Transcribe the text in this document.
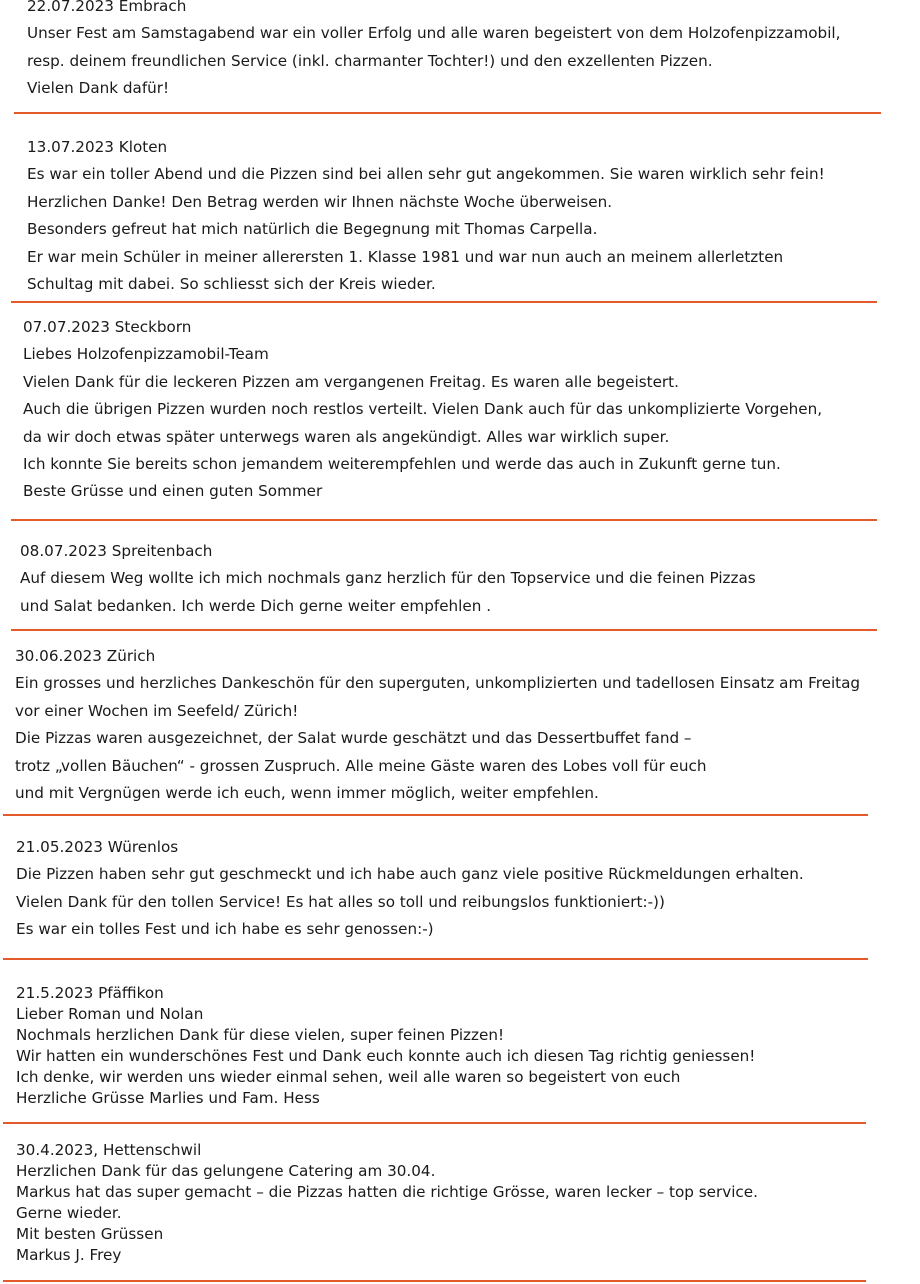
22.07.2023 Embrach
Unser Fest am Samstagabend war ein voller Erfolg und alle waren begeistert von dem Holzofenpizzamobil,
resp. deinem freundlichen Service (inkl. charmanter Tochter!) und den exzellenten Pizzen.
Vielen Dank dafür!
13.07.2023 Kloten
Es war ein toller Abend und die Pizzen sind bei allen sehr gut angekommen. Sie waren wirklich sehr fein!
Herzlichen Danke! Den Betrag werden wir Ihnen nächste Woche überweisen.
Besonders gefreut hat mich natürlich die Begegnung mit Thomas Carpella.
Er war mein Schüler in meiner allerersten 1. Klasse 1981 und war nun auch an meinem allerletzten
Schultag mit dabei. So schliesst sich der Kreis wieder.
07.07.2023 Steckborn
Liebes Holzofenpizzamobil-Team
Vielen Dank für die leckeren Pizzen am vergangenen Freitag. Es waren alle begeistert.
Auch die übrigen Pizzen wurden noch restlos verteilt. Vielen Dank auch für das unkomplizierte Vorgehen,
da wir doch etwas später unterwegs waren als angekündigt. Alles war wirklich super.
Ich konnte Sie bereits schon jemandem weiterempfehlen und werde das auch in Zukunft gerne tun.
Beste Grüsse und einen guten Sommer
08.07.2023 Spreitenbach
Auf diesem Weg wollte ich mich nochmals ganz herzlich für den Topservice und die feinen Pizzas
und Salat bedanken. Ich werde Dich gerne weiter empfehlen .
30.06.2023 Zürich
Ein grosses und herzliches Dankeschön für den superguten, unkomplizierten und tadellosen Einsatz am Freitag
vor einer Wochen im Seefeld/ Zürich!
Die Pizzas waren ausgezeichnet, der Salat wurde geschätzt und das Dessertbuffet fand –
trotz „vollen Bäuchen“ - grossen Zuspruch. Alle meine Gäste waren des Lobes voll für euch
und mit Vergnügen werde ich euch, wenn immer möglich, weiter empfehlen.
21.05.2023 Würenlos
Die Pizzen haben sehr gut geschmeckt und ich habe auch ganz viele positive Rückmeldungen erhalten.
Vielen Dank für den tollen Service! Es hat alles so toll und reibungslos funktioniert:-))
Es war ein tolles Fest und ich habe es sehr genossen:-)
21.5.2023 Pfäffikon
Lieber Roman und Nolan
Nochmals herzlichen Dank für diese vielen, super feinen Pizzen!
Wir hatten ein wunderschönes Fest und Dank euch konnte auch ich diesen Tag richtig geniessen!
Ich denke, wir werden uns wieder einmal sehen, weil alle waren so begeistert von euch
Herzliche Grüsse Marlies und Fam. Hess
30.4.2023, Hettenschwil
Herzlichen Dank für das gelungene Catering am 30.04.
Markus hat das super gemacht – die Pizzas hatten die richtige Grösse, waren lecker – top service.
Gerne wieder.
Mit besten Grüssen
Markus J. Frey
